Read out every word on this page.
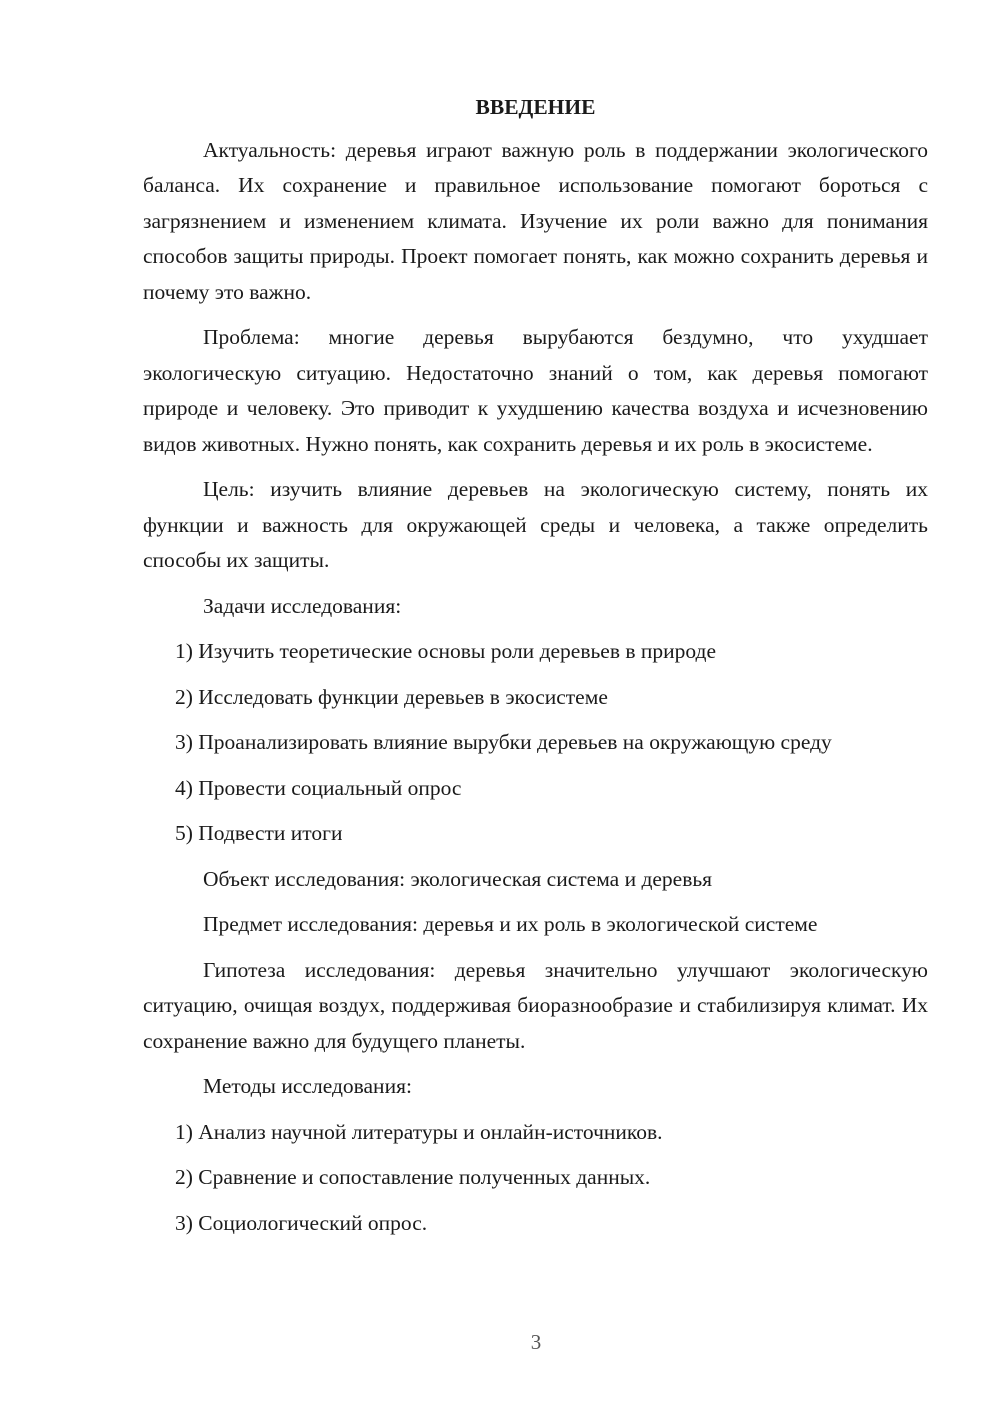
ВВЕДЕНИЕ

Актуальность: деревья играют важную роль в поддержании экологического баланса. Их сохранение и правильное использование помогают бороться с загрязнением и изменением климата. Изучение их роли важно для понимания способов защиты природы. Проект помогает понять, как можно сохранить деревья и почему это важно.

Проблема: многие деревья вырубаются бездумно, что ухудшает экологическую ситуацию. Недостаточно знаний о том, как деревья помогают природе и человеку. Это приводит к ухудшению качества воздуха и исчезновению видов животных. Нужно понять, как сохранить деревья и их роль в экосистеме.

Цель: изучить влияние деревьев на экологическую систему, понять их функции и важность для окружающей среды и человека, а также определить способы их защиты.

Задачи исследования:

1) Изучить теоретические основы роли деревьев в природе

2) Исследовать функции деревьев в экосистеме

3) Проанализировать влияние вырубки деревьев на окружающую среду

4) Провести социальный опрос

5) Подвести итоги

Объект исследования: экологическая система и деревья

Предмет исследования: деревья и их роль в экологической системе

Гипотеза исследования: деревья значительно улучшают экологическую ситуацию, очищая воздух, поддерживая биоразнообразие и стабилизируя климат. Их сохранение важно для будущего планеты.

Методы исследования:

1) Анализ научной литературы и онлайн-источников.

2) Сравнение и сопоставление полученных данных.

3) Социологический опрос.

3
